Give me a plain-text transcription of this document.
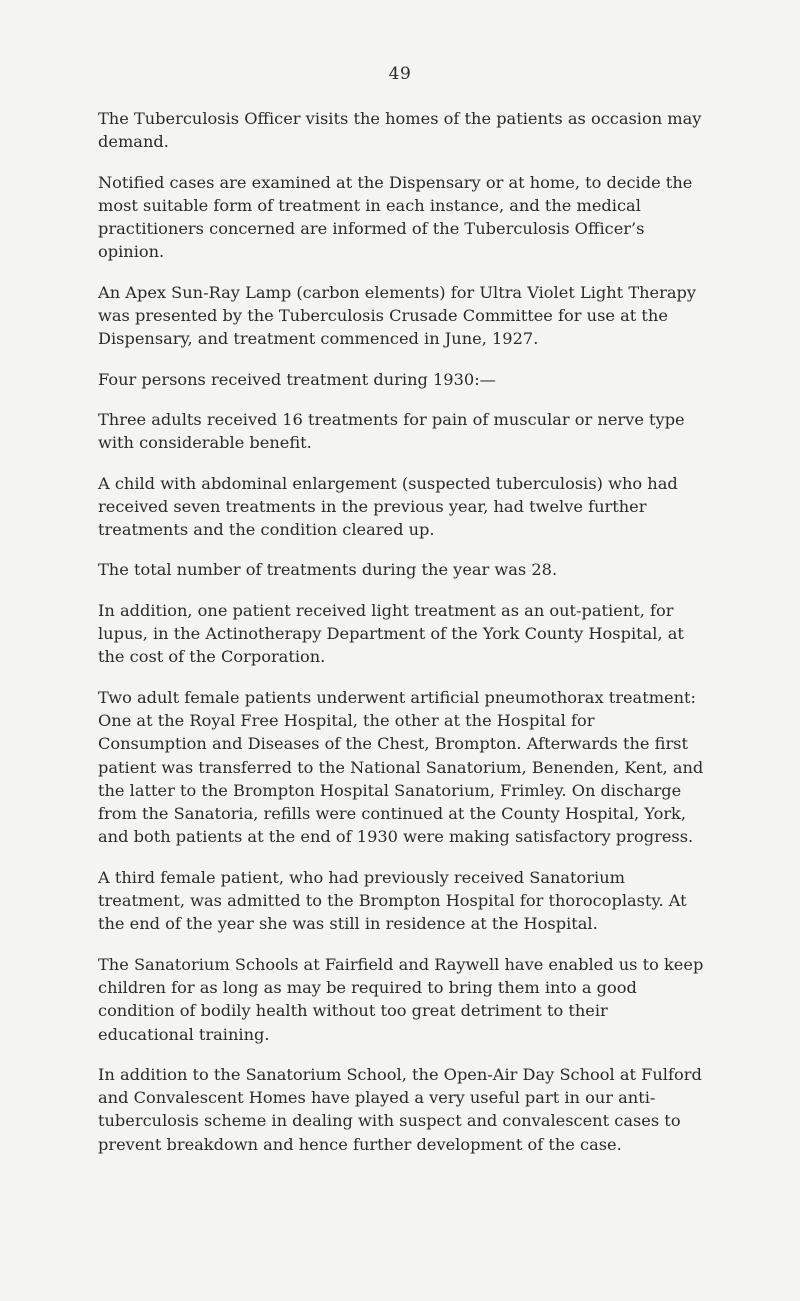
49

The Tuberculosis Officer visits the homes of the patients as occasion may demand.

Notified cases are examined at the Dispensary or at home, to decide the most suitable form of treatment in each instance, and the medical practitioners concerned are informed of the Tuberculosis Officer’s opinion.

An Apex Sun-Ray Lamp (carbon elements) for Ultra Violet Light Therapy was presented by the Tuberculosis Crusade Committee for use at the Dispensary, and treatment commenced in June, 1927.

Four persons received treatment during 1930:—

Three adults received 16 treatments for pain of muscular or nerve type with considerable benefit.

A child with abdominal enlargement (suspected tuberculosis) who had received seven treatments in the previous year, had twelve further treatments and the condition cleared up.

The total number of treatments during the year was 28.

In addition, one patient received light treatment as an out-patient, for lupus, in the Actinotherapy Department of the York County Hospital, at the cost of the Corporation.

Two adult female patients underwent artificial pneumothorax treatment: One at the Royal Free Hospital, the other at the Hospital for Consumption and Diseases of the Chest, Brompton. Afterwards the first patient was transferred to the National Sanatorium, Benenden, Kent, and the latter to the Brompton Hospital Sanatorium, Frimley. On discharge from the Sanatoria, refills were continued at the County Hospital, York, and both patients at the end of 1930 were making satisfactory progress.

A third female patient, who had previously received Sanatorium treatment, was admitted to the Brompton Hospital for thorocoplasty. At the end of the year she was still in residence at the Hospital.

The Sanatorium Schools at Fairfield and Raywell have enabled us to keep children for as long as may be required to bring them into a good condition of bodily health without too great detriment to their educational training.

In addition to the Sanatorium School, the Open-Air Day School at Fulford and Convalescent Homes have played a very useful part in our anti-tuberculosis scheme in dealing with suspect and convalescent cases to prevent breakdown and hence further development of the case.
